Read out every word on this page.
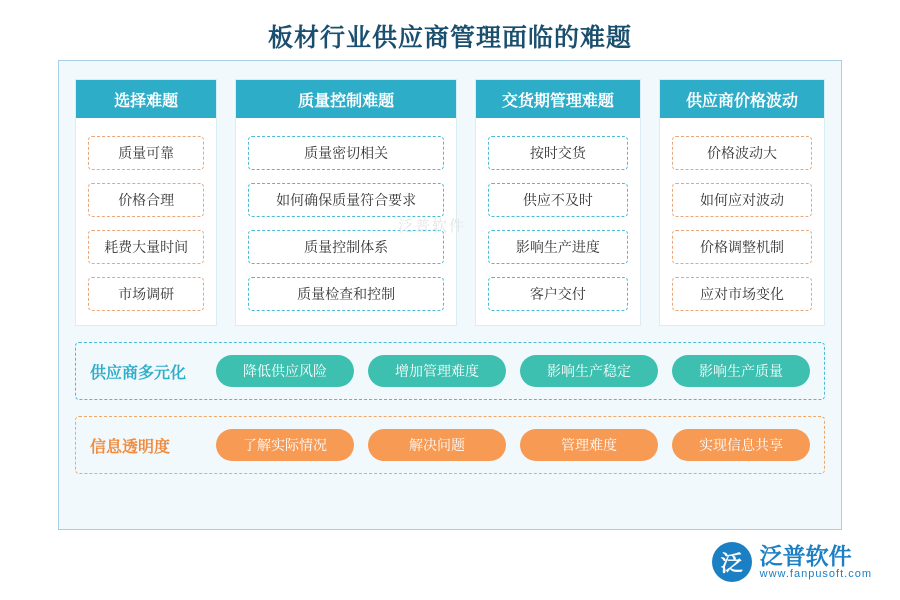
板材行业供应商管理面临的难题
选择难题
质量可靠
价格合理
耗费大量时间
市场调研
质量控制难题
质量密切相关
如何确保质量符合要求
质量控制体系
质量检查和控制
交货期管理难题
按时交货
供应不及时
影响生产进度
客户交付
供应商价格波动
价格波动大
如何应对波动
价格调整机制
应对市场变化
供应商多元化	降低供应风险	增加管理难度	影响生产稳定	影响生产质量
信息透明度	了解实际情况	解决问题	管理难度	实现信息共享
泛普软件
泛 泛普软件
www.fanpusoft.com
